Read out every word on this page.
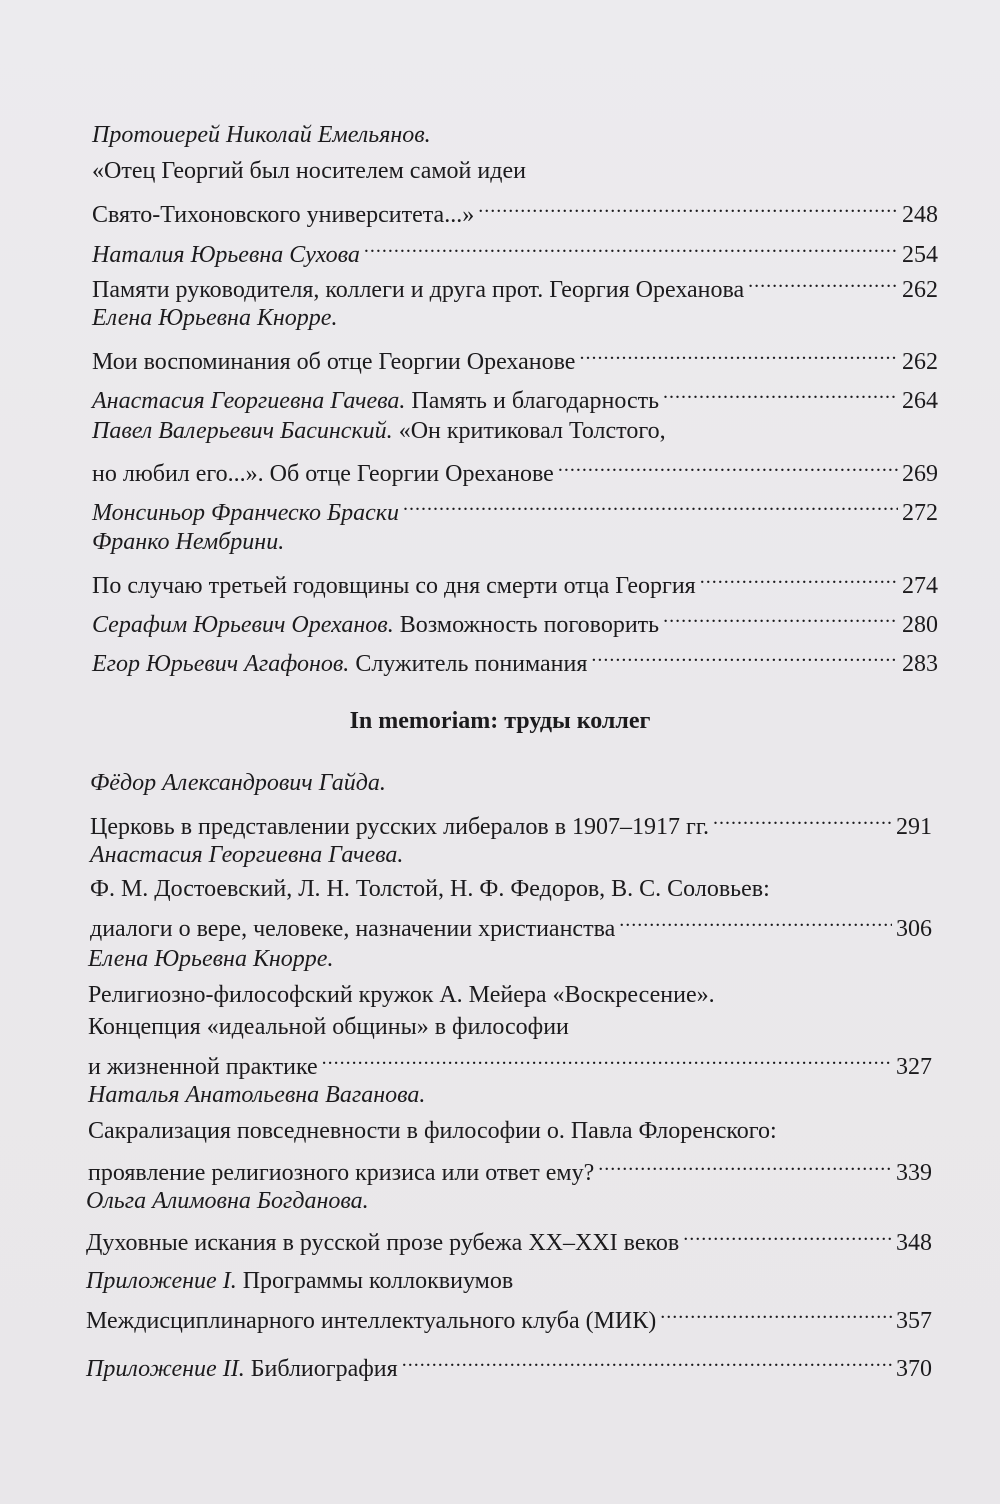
Протоиерей Николай Емельянов.
«Отец Георгий был носителем самой идеи
Свято-Тихоновского университета...» .....	248
Наталия Юрьевна Сухова .....	254
Памяти руководителя, коллеги и друга прот. Георгия Ореханова .....	262
Елена Юрьевна Кнорре.
Мои воспоминания об отце Георгии Ореханове .....	262
Анастасия Георгиевна Гачева. Память и благодарность .....	264
Павел Валерьевич Басинский. «Он критиковал Толстого,
но любил его...». Об отце Георгии Ореханове .....	269
Монсиньор Франческо Браски .....	272
Франко Нембрини.
По случаю третьей годовщины со дня смерти отца Георгия .....	274
Серафим Юрьевич Ореханов. Возможность поговорить .....	280
Егор Юрьевич Агафонов. Служитель понимания .....	283
In memoriam: труды коллег
Фёдор Александрович Гайда.
Церковь в представлении русских либералов в 1907–1917 гг. .....	291
Анастасия Георгиевна Гачева.
Ф. М. Достоевский, Л. Н. Толстой, Н. Ф. Федоров, В. С. Соловьев:
диалоги о вере, человеке, назначении христианства .....	306
Елена Юрьевна Кнорре.
Религиозно-философский кружок А. Мейера «Воскресение».
Концепция «идеальной общины» в философии
и жизненной практике .....	327
Наталья Анатольевна Ваганова.
Сакрализация повседневности в философии о. Павла Флоренского:
проявление религиозного кризиса или ответ ему? .....	339
Ольга Алимовна Богданова.
Духовные искания в русской прозе рубежа XX–XXI веков .....	348
Приложение I. Программы коллоквиумов
Междисциплинарного интеллектуального клуба (МИК) .....	357
Приложение II. Библиография .....	370
